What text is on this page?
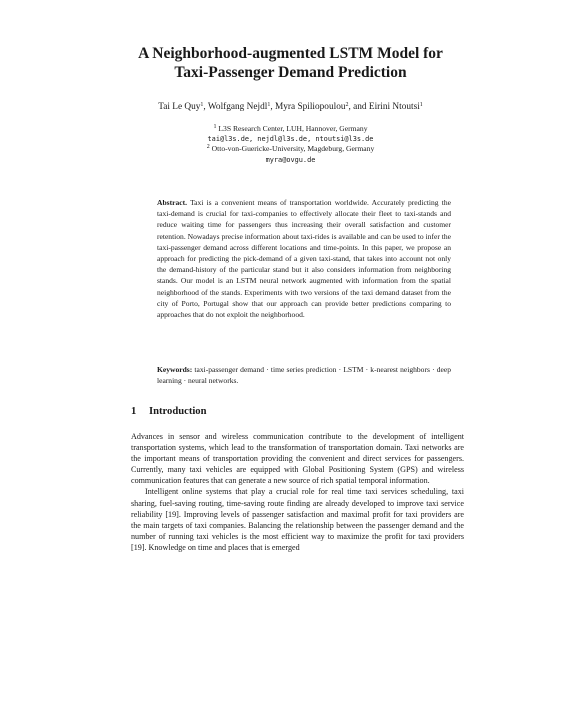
A Neighborhood-augmented LSTM Model for
Taxi-Passenger Demand Prediction
Tai Le Quy$^1$, Wolfgang Nejdl$^1$, Myra Spiliopoulou$^2$, and Eirini Ntoutsi$^1$
$^1$ L3S Research Center, LUH, Hannover, Germany
tai@l3s.de, nejdl@l3s.de, ntoutsi@l3s.de
$^2$ Otto-von-Guericke-University, Magdeburg, Germany
myra@ovgu.de
Abstract. Taxi is a convenient means of transportation worldwide. Accurately predicting the taxi-demand is crucial for taxi-companies to effectively allocate their fleet to taxi-stands and reduce waiting time for passengers thus increasing their overall satisfaction and customer retention. Nowadays precise information about taxi-rides is available and can be used to infer the taxi-passenger demand across different locations and time-points. In this paper, we propose an approach for predicting the pick-demand of a given taxi-stand, that takes into account not only the demand-history of the particular stand but it also considers information from neighboring stands. Our model is an LSTM neural network augmented with information from the spatial neighborhood of the stands. Experiments with two versions of the taxi demand dataset from the city of Porto, Portugal show that our approach can provide better predictions comparing to approaches that do not exploit the neighborhood.
Keywords: taxi-passenger demand · time series prediction · LSTM · k-nearest neighbors · deep learning · neural networks.
1 Introduction

Advances in sensor and wireless communication contribute to the development of intelligent transportation systems, which lead to the transformation of transportation domain. Taxi networks are the important means of transportation providing the convenient and direct services for passengers. Currently, many taxi vehicles are equipped with Global Positioning System (GPS) and wireless communication features that can generate a new source of rich spatial temporal information.

Intelligent online systems that play a crucial role for real time taxi services scheduling, taxi sharing, fuel-saving routing, time-saving route finding are already developed to improve taxi service reliability [19]. Improving levels of passenger satisfaction and maximal profit for taxi providers are the main targets of taxi companies. Balancing the relationship between the passenger demand and the number of running taxi vehicles is the most efficient way to maximize the profit for taxi providers [19]. Knowledge on time and places that is emerged
